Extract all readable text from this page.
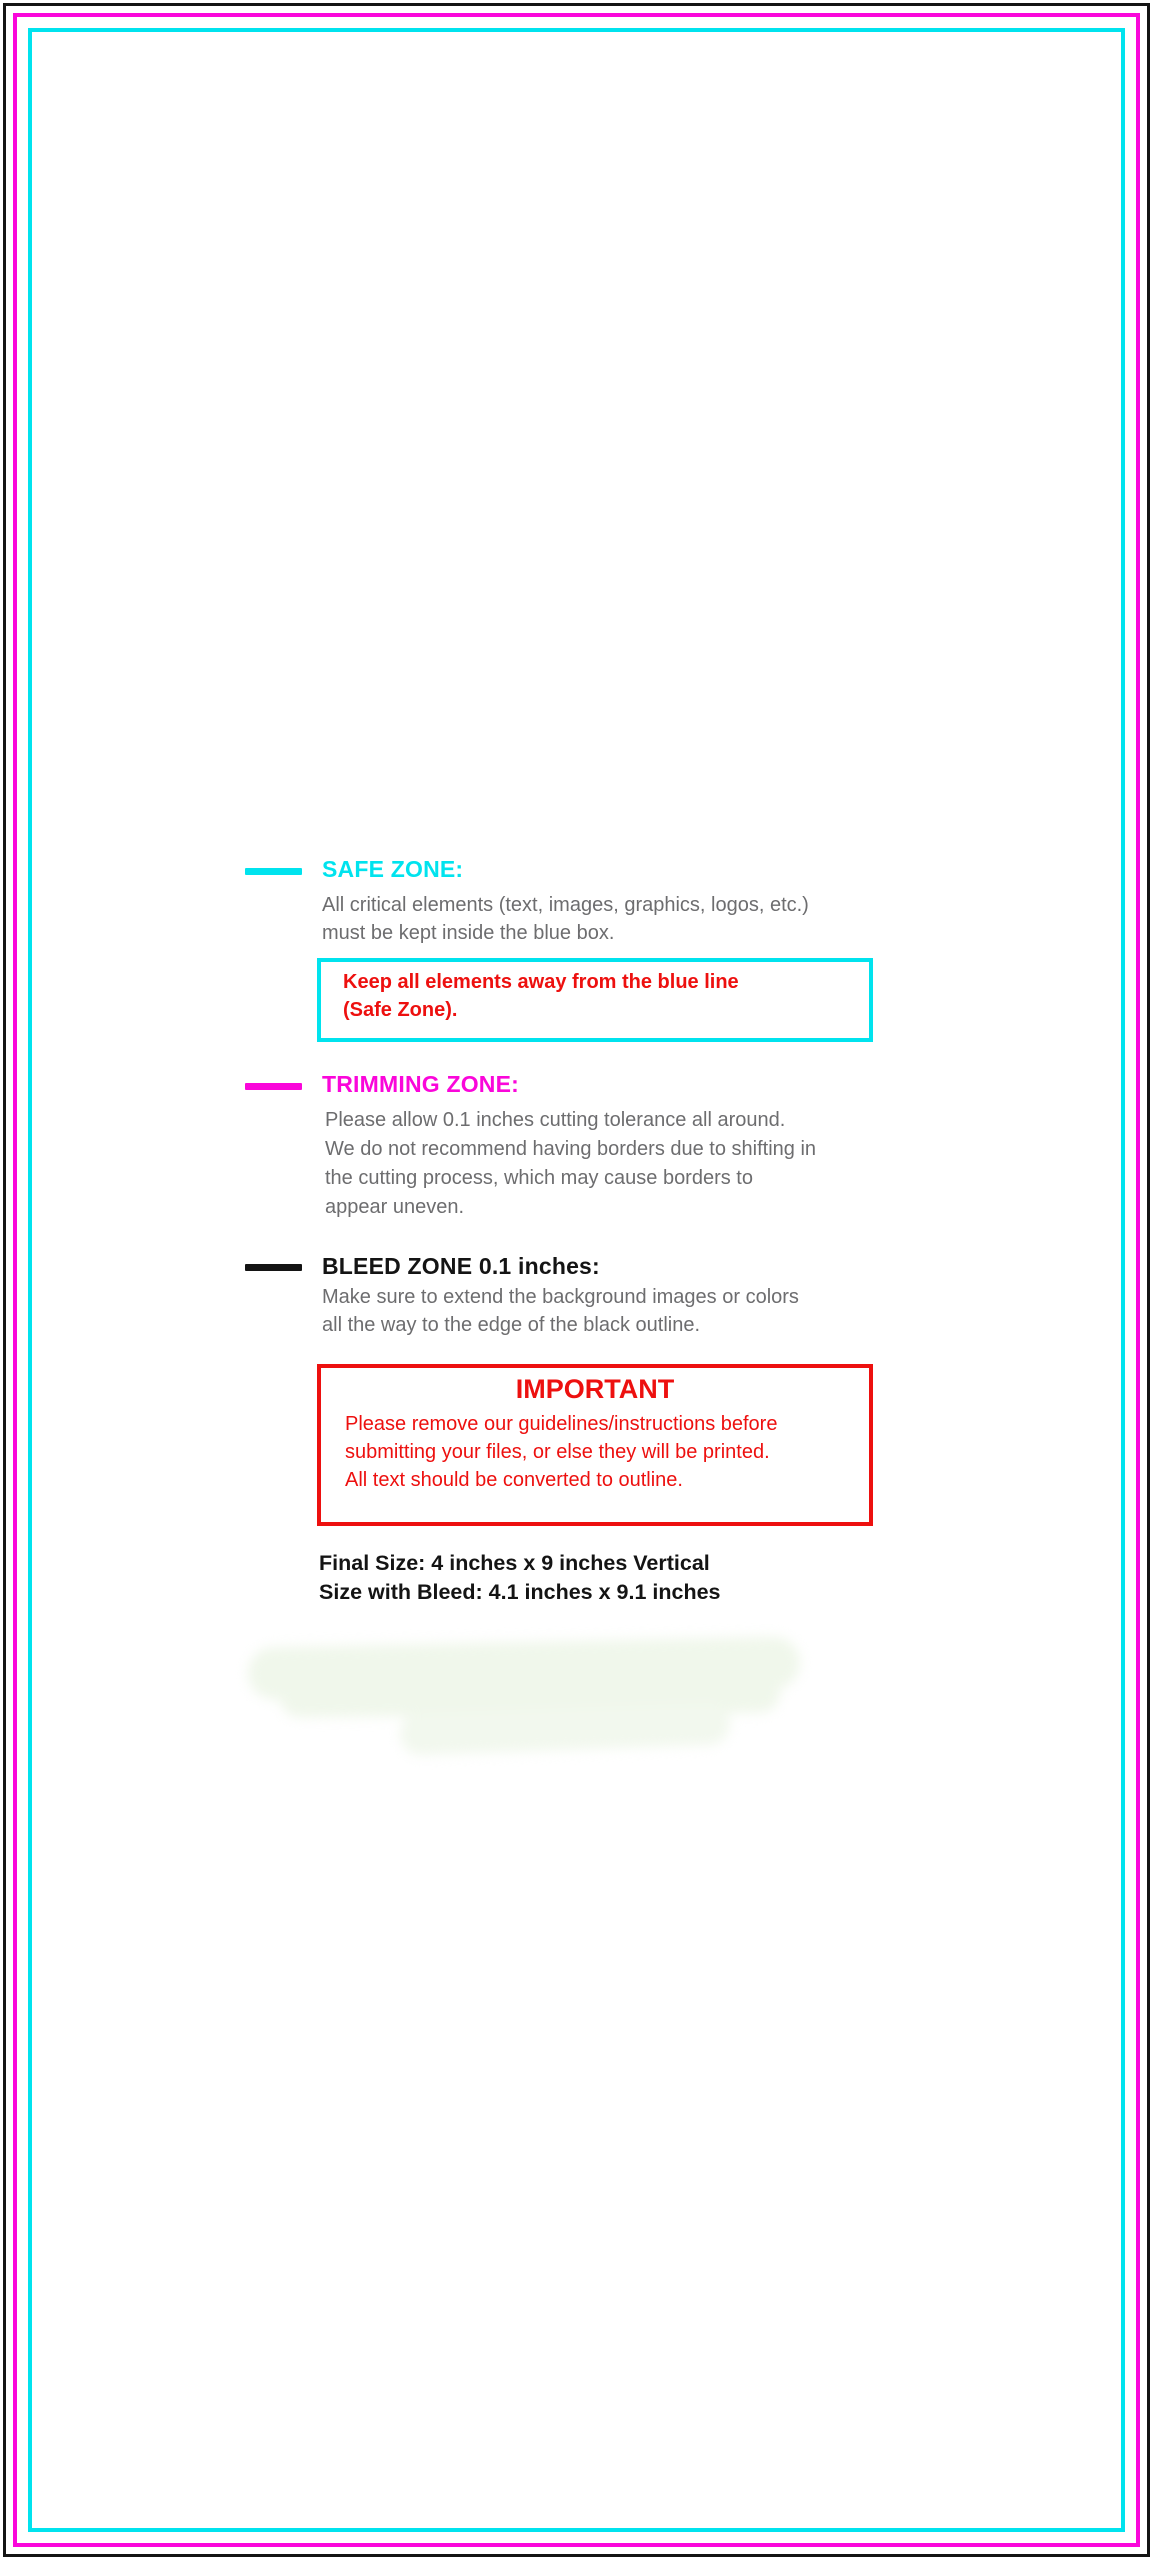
SAFE ZONE:
All critical elements (text, images, graphics, logos, etc.)
must be kept inside the blue box.
Keep all elements away from the blue line
(Safe Zone).
TRIMMING ZONE:
Please allow 0.1 inches cutting tolerance all around.
We do not recommend having borders due to shifting in
the cutting process, which may cause borders to
appear uneven.
BLEED ZONE 0.1 inches:
Make sure to extend the background images or colors
all the way to the edge of the black outline.
IMPORTANT
Please remove our guidelines/instructions before
submitting your files, or else they will be printed.
All text should be converted to outline.
Final Size: 4 inches x 9 inches Vertical
Size with Bleed: 4.1 inches x 9.1 inches
